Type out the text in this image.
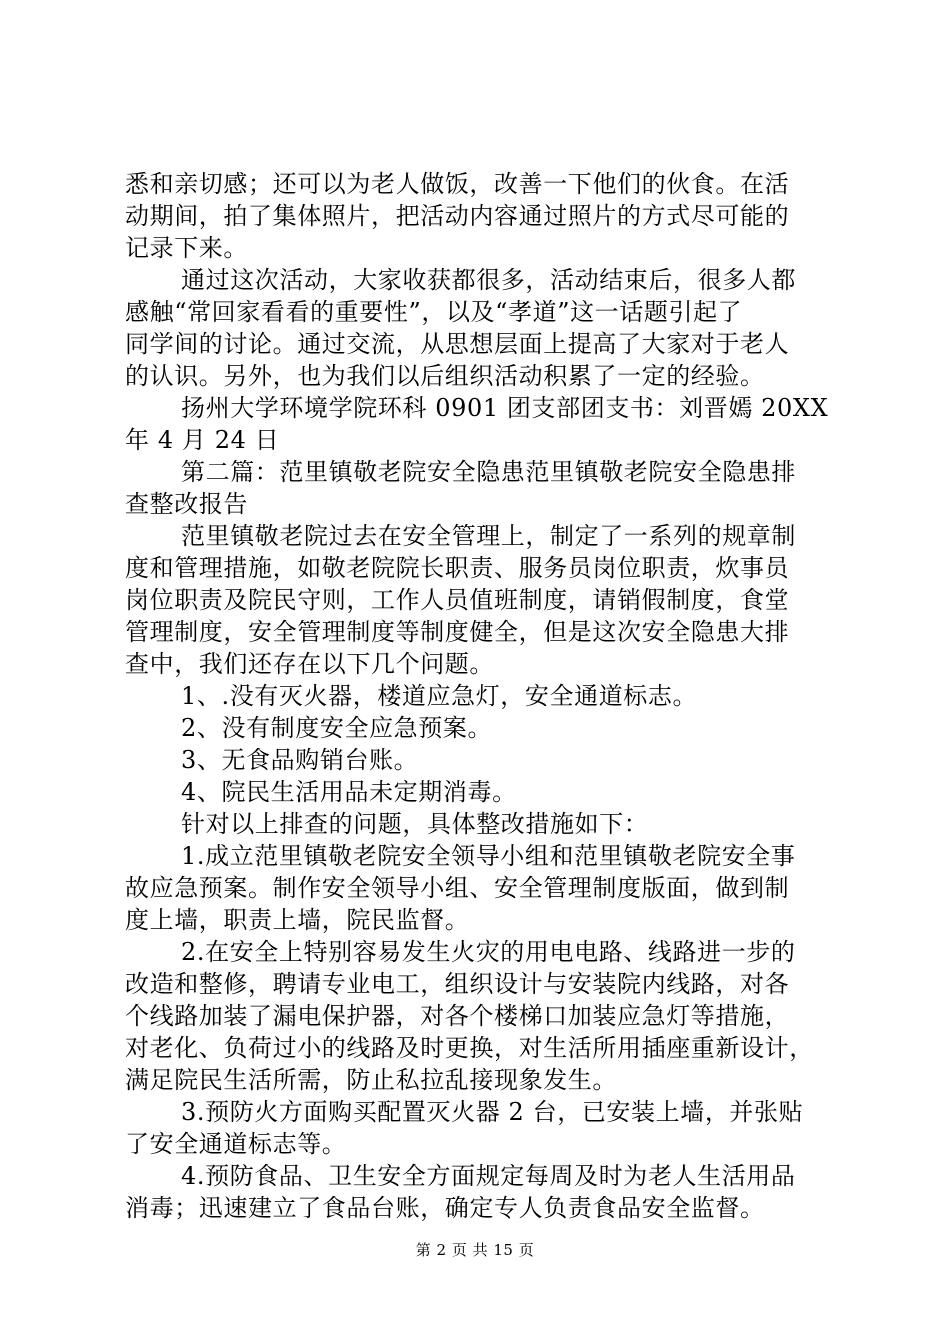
悉和亲切感；还可以为老人做饭，改善一下他们的伙食。在活
动期间，拍了集体照片，把活动内容通过照片的方式尽可能的
记录下来。
通过这次活动，大家收获都很多，活动结束后，很多人都
感触“常回家看看的重要性”，以及“孝道”这一话题引起了
同学间的讨论。通过交流，从思想层面上提高了大家对于老人
的认识。另外，也为我们以后组织活动积累了一定的经验。
扬州大学环境学院环科 0901 团支部团支书：刘晋嫣 20XX
年 4 月 24 日
第二篇：范里镇敬老院安全隐患范里镇敬老院安全隐患排
查整改报告
范里镇敬老院过去在安全管理上，制定了一系列的规章制
度和管理措施，如敬老院院长职责、服务员岗位职责，炊事员
岗位职责及院民守则，工作人员值班制度，请销假制度，食堂
管理制度，安全管理制度等制度健全，但是这次安全隐患大排
查中，我们还存在以下几个问题。
1、.没有灭火器，楼道应急灯，安全通道标志。
2、没有制度安全应急预案。
3、无食品购销台账。
4、院民生活用品未定期消毒。
针对以上排查的问题，具体整改措施如下：
1.成立范里镇敬老院安全领导小组和范里镇敬老院安全事
故应急预案。制作安全领导小组、安全管理制度版面，做到制
度上墙，职责上墙，院民监督。
2.在安全上特别容易发生火灾的用电电路、线路进一步的
改造和整修，聘请专业电工，组织设计与安装院内线路，对各
个线路加装了漏电保护器，对各个楼梯口加装应急灯等措施，
对老化、负荷过小的线路及时更换，对生活所用插座重新设计，
满足院民生活所需，防止私拉乱接现象发生。
3.预防火方面购买配置灭火器 2 台，已安装上墙，并张贴
了安全通道标志等。
4.预防食品、卫生安全方面规定每周及时为老人生活用品
消毒；迅速建立了食品台账，确定专人负责食品安全监督。
第 2 页 共 15 页
